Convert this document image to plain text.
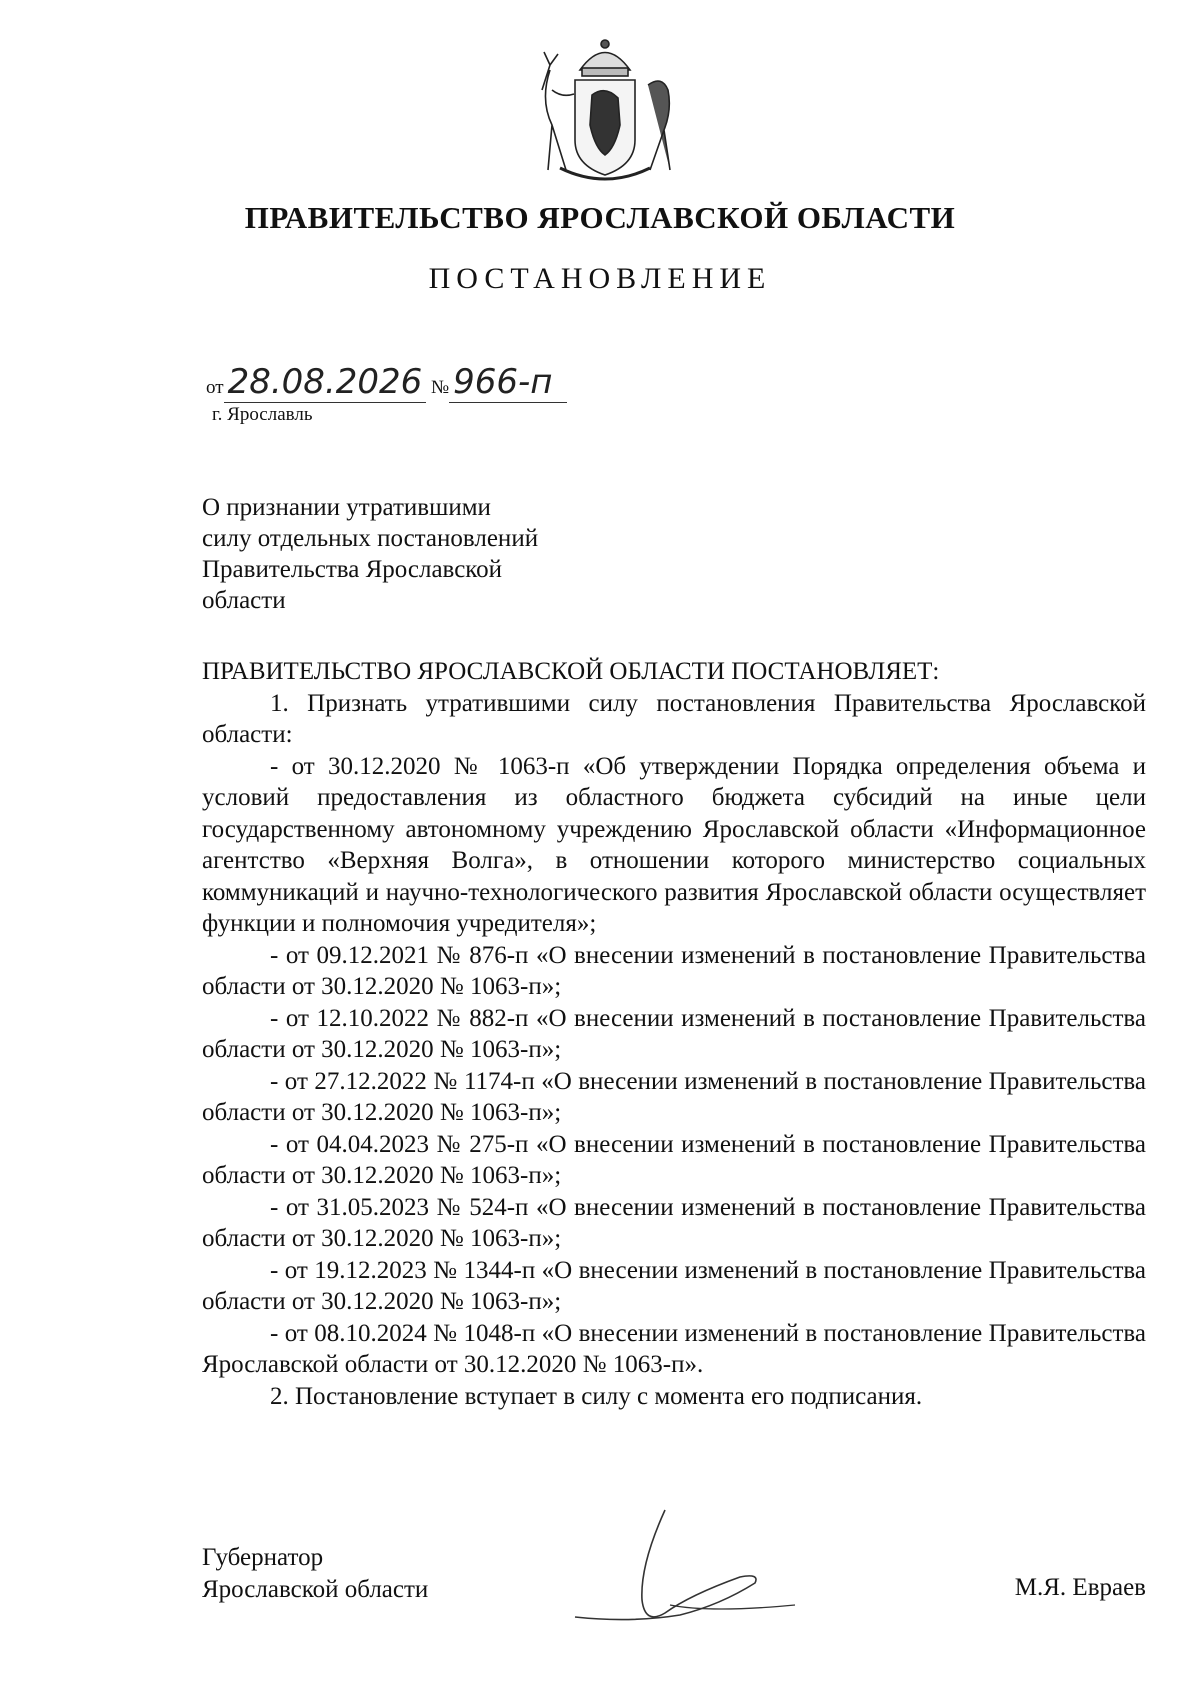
ПРАВИТЕЛЬСТВО ЯРОСЛАВСКОЙ ОБЛАСТИ
ПОСТАНОВЛЕНИЕ
от 28.08.2026 № 966-п
г. Ярославль
О признании утратившими
силу отдельных постановлений
Правительства Ярославской
области

ПРАВИТЕЛЬСТВО ЯРОСЛАВСКОЙ ОБЛАСТИ ПОСТАНОВЛЯЕТ:

1. Признать утратившими силу постановления Правительства Ярославской области:

- от 30.12.2020 № 1063-п «Об утверждении Порядка определения объема и условий предоставления из областного бюджета субсидий на иные цели государственному автономному учреждению Ярославской области «Информационное агентство «Верхняя Волга», в отношении которого министерство социальных коммуникаций и научно-технологического развития Ярославской области осуществляет функции и полномочия учредителя»;

- от 09.12.2021 № 876-п «О внесении изменений в постановление Правительства области от 30.12.2020 № 1063-п»;

- от 12.10.2022 № 882-п «О внесении изменений в постановление Правительства области от 30.12.2020 № 1063-п»;

- от 27.12.2022 № 1174-п «О внесении изменений в постановление Правительства области от 30.12.2020 № 1063-п»;

- от 04.04.2023 № 275-п «О внесении изменений в постановление Правительства области от 30.12.2020 № 1063-п»;

- от 31.05.2023 № 524-п «О внесении изменений в постановление Правительства области от 30.12.2020 № 1063-п»;

- от 19.12.2023 № 1344-п «О внесении изменений в постановление Правительства области от 30.12.2020 № 1063-п»;

- от 08.10.2024 № 1048-п «О внесении изменений в постановление Правительства Ярославской области от 30.12.2020 № 1063-п».

2. Постановление вступает в силу с момента его подписания.

Губернатор
Ярославской области	М.Я. Евраев
